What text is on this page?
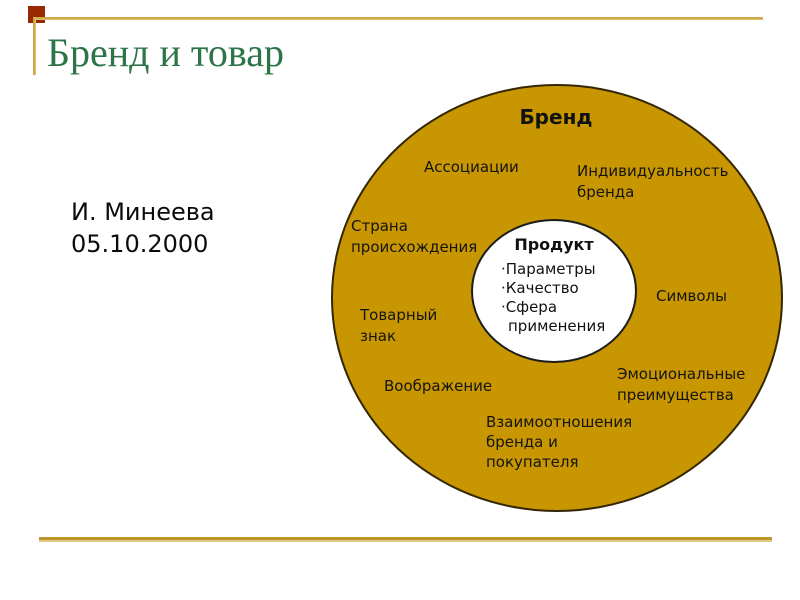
Бренд и товар
И. Минеева
05.10.2000
Бренд
Ассоциации	Индивидуальность бренда
Страна происхождения
Символы
Товарный знак
Воображение
Эмоциональные преимущества
Взаимоотношения бренда и покупателя
Продукт
· Параметры
· Качество
· Сфера применения
